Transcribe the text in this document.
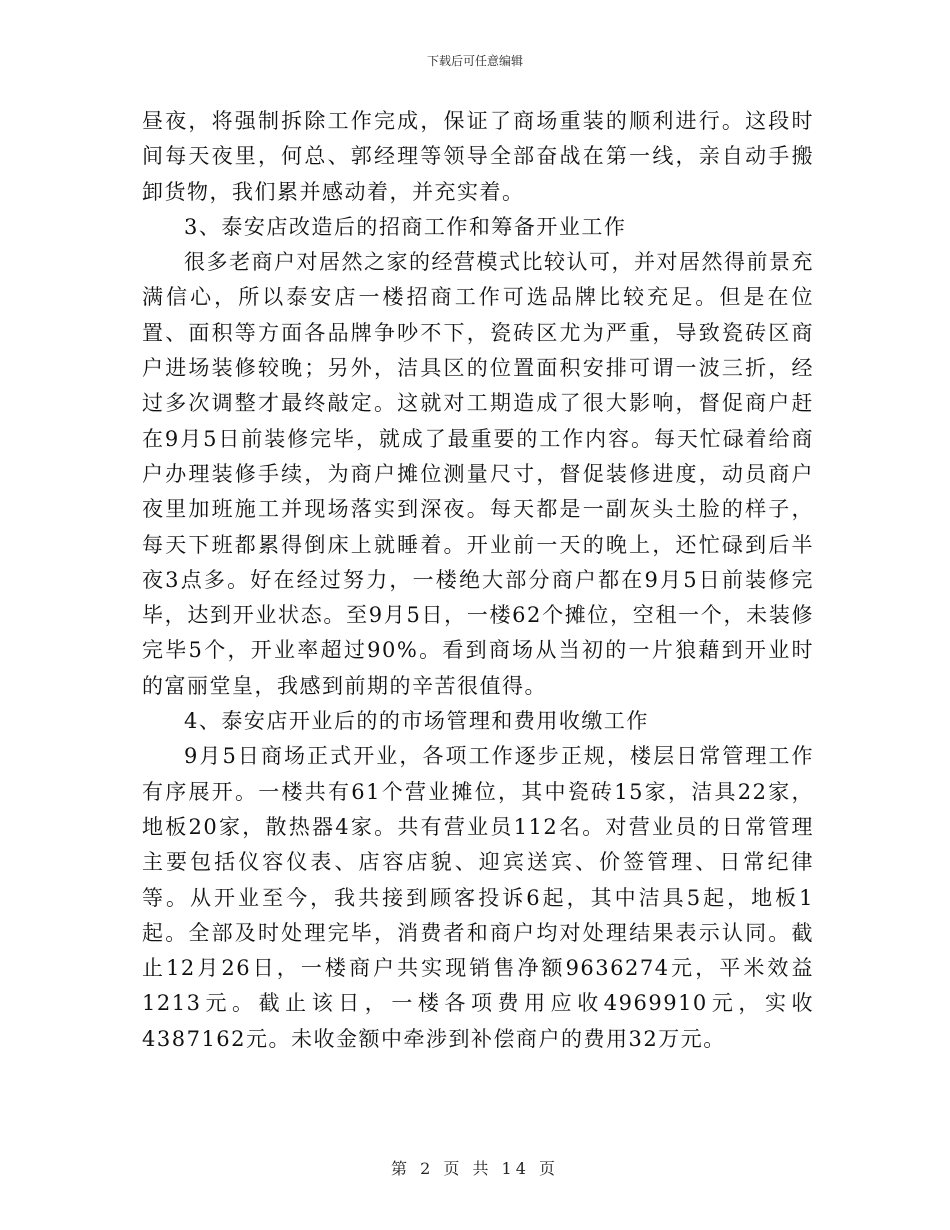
下载后可任意编辑

昼夜，将强制拆除工作完成，保证了商场重装的顺利进行。这段时间每天夜里，何总、郭经理等领导全部奋战在第一线，亲自动手搬卸货物，我们累并感动着，并充实着。

3、泰安店改造后的招商工作和筹备开业工作

很多老商户对居然之家的经营模式比较认可，并对居然得前景充满信心，所以泰安店一楼招商工作可选品牌比较充足。但是在位置、面积等方面各品牌争吵不下，瓷砖区尤为严重，导致瓷砖区商户进场装修较晚；另外，洁具区的位置面积安排可谓一波三折，经过多次调整才最终敲定。这就对工期造成了很大影响，督促商户赶在9月5日前装修完毕，就成了最重要的工作内容。每天忙碌着给商户办理装修手续，为商户摊位测量尺寸，督促装修进度，动员商户夜里加班施工并现场落实到深夜。每天都是一副灰头土脸的样子，每天下班都累得倒床上就睡着。开业前一天的晚上，还忙碌到后半夜3点多。好在经过努力，一楼绝大部分商户都在9月5日前装修完毕，达到开业状态。至9月5日，一楼62个摊位，空租一个，未装修完毕5个，开业率超过90%。看到商场从当初的一片狼藉到开业时的富丽堂皇，我感到前期的辛苦很值得。

4、泰安店开业后的的市场管理和费用收缴工作

9月5日商场正式开业，各项工作逐步正规，楼层日常管理工作有序展开。一楼共有61个营业摊位，其中瓷砖15家，洁具22家，地板20家，散热器4家。共有营业员112名。对营业员的日常管理主要包括仪容仪表、店容店貌、迎宾送宾、价签管理、日常纪律等。从开业至今，我共接到顾客投诉6起，其中洁具5起，地板1起。全部及时处理完毕，消费者和商户均对处理结果表示认同。截止12月26日，一楼商户共实现销售净额9636274元，平米效益1213元。截止该日，一楼各项费用应收4969910元，实收4387162元。未收金额中牵涉到补偿商户的费用32万元。

第 2 页 共 14 页
